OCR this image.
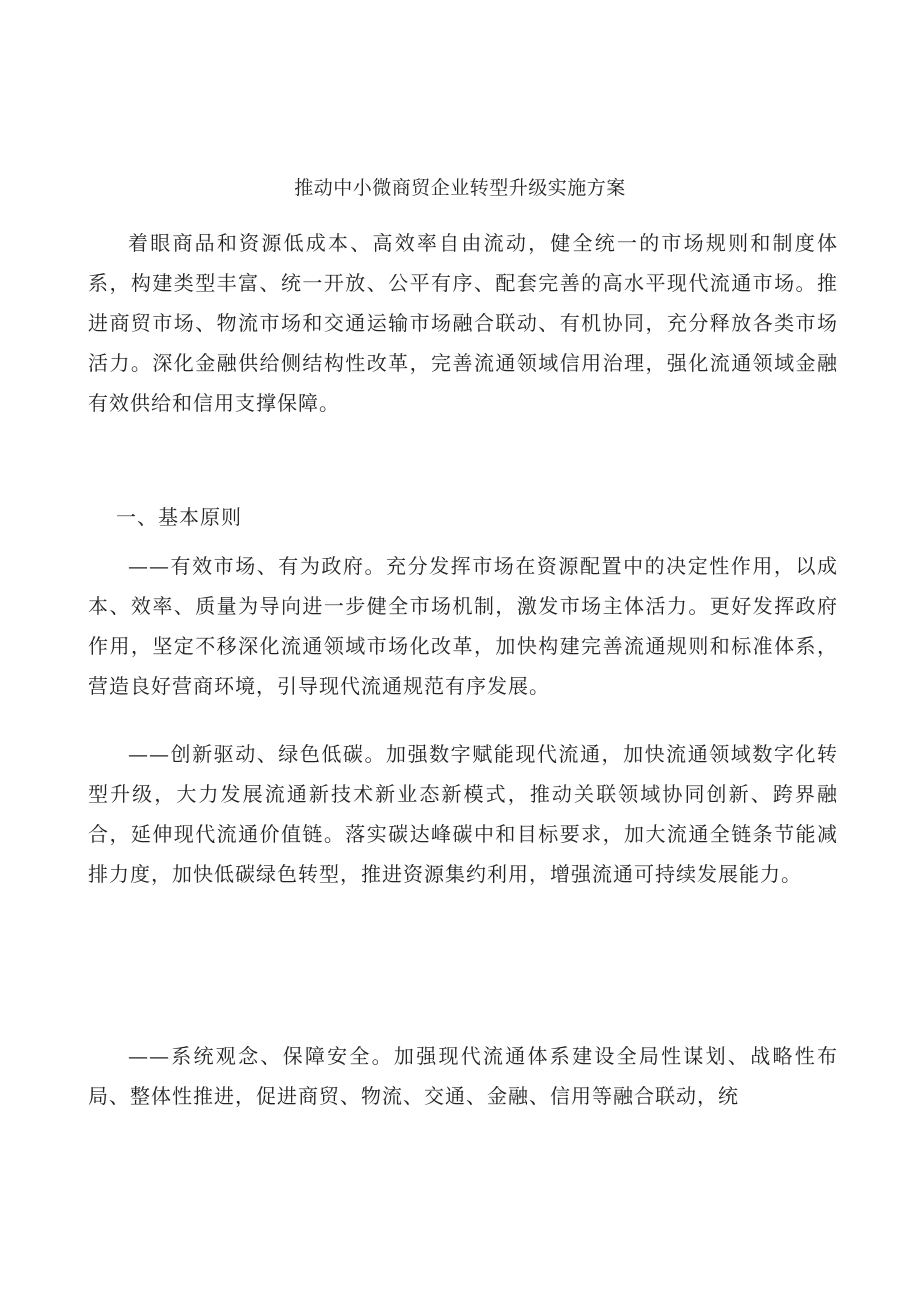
推动中小微商贸企业转型升级实施方案

着眼商品和资源低成本、高效率自由流动，健全统一的市场规则和制度体系，构建类型丰富、统一开放、公平有序、配套完善的高水平现代流通市场。推进商贸市场、物流市场和交通运输市场融合联动、有机协同，充分释放各类市场活力。深化金融供给侧结构性改革，完善流通领域信用治理，强化流通领域金融有效供给和信用支撑保障。

一、基本原则

——有效市场、有为政府。充分发挥市场在资源配置中的决定性作用，以成本、效率、质量为导向进一步健全市场机制，激发市场主体活力。更好发挥政府作用，坚定不移深化流通领域市场化改革，加快构建完善流通规则和标准体系，营造良好营商环境，引导现代流通规范有序发展。

——创新驱动、绿色低碳。加强数字赋能现代流通，加快流通领域数字化转型升级，大力发展流通新技术新业态新模式，推动关联领域协同创新、跨界融合，延伸现代流通价值链。落实碳达峰碳中和目标要求，加大流通全链条节能减排力度，加快低碳绿色转型，推进资源集约利用，增强流通可持续发展能力。

——系统观念、保障安全。加强现代流通体系建设全局性谋划、战略性布局、整体性推进，促进商贸、物流、交通、金融、信用等融合联动，统
